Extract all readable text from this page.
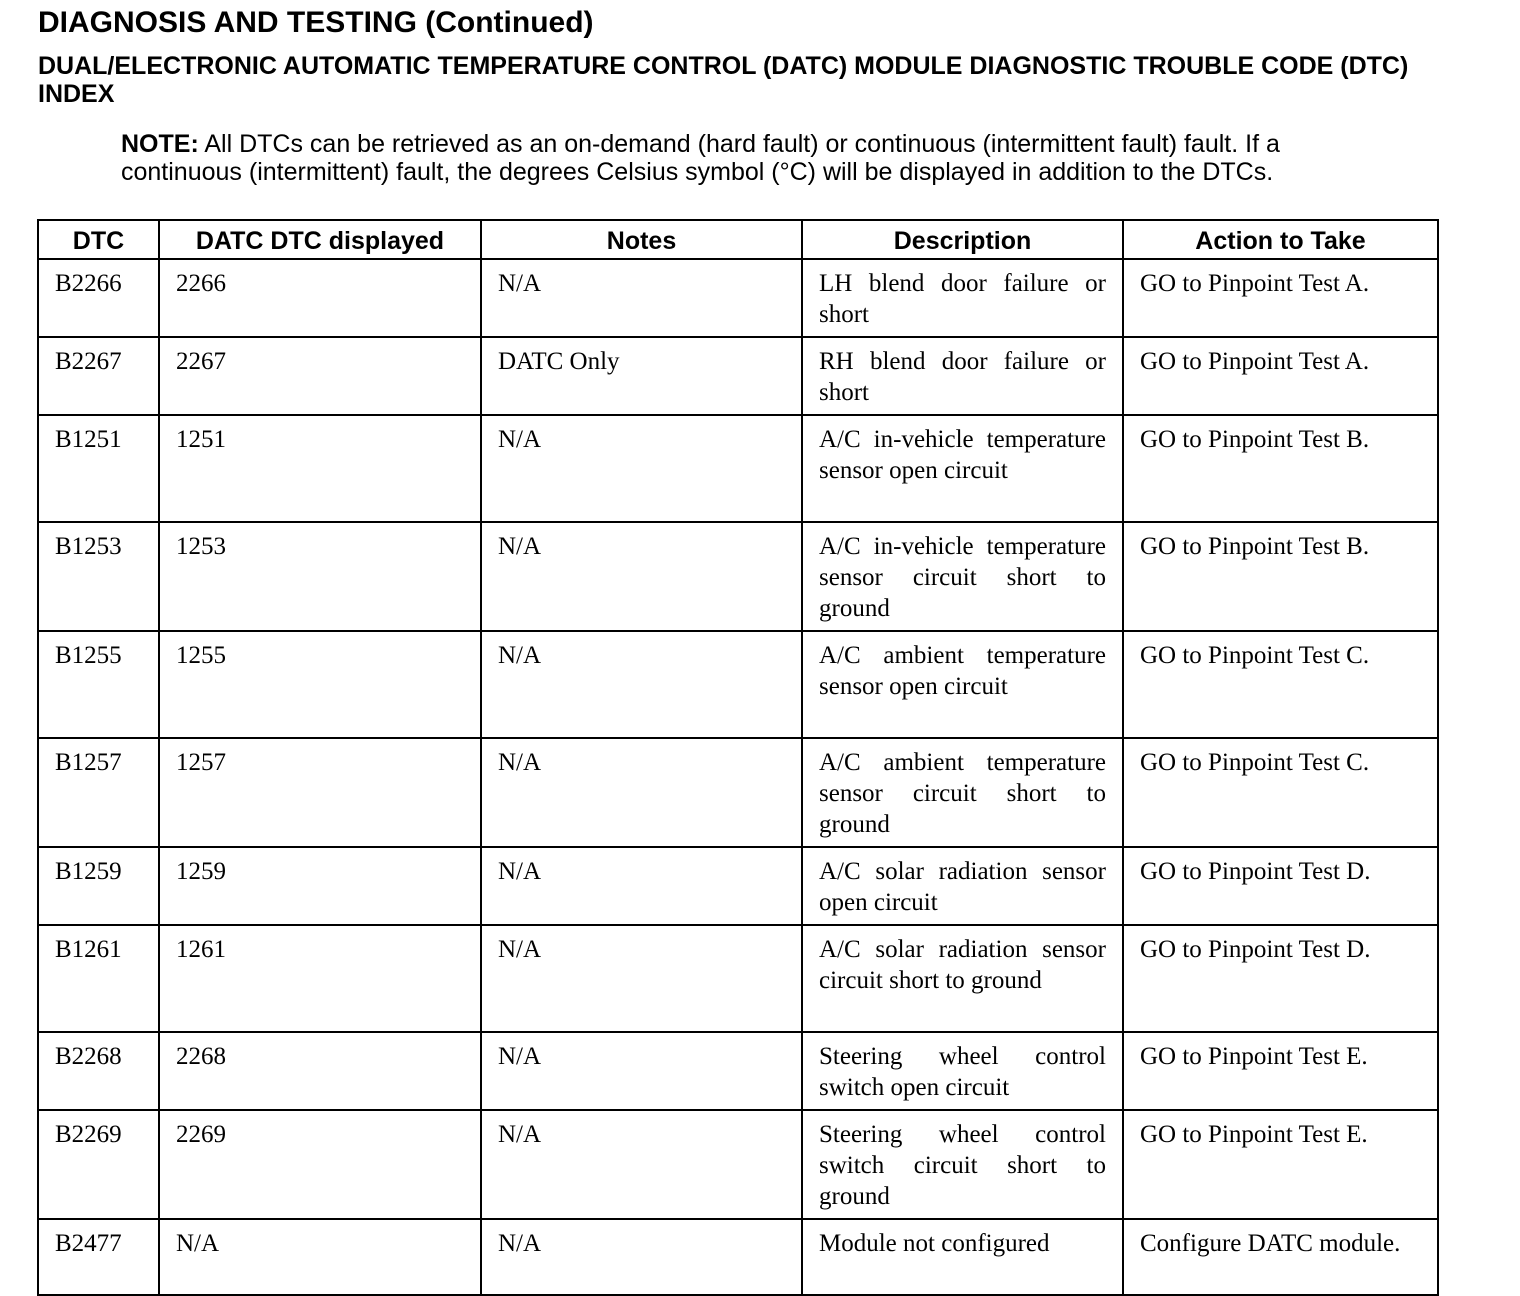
DIAGNOSIS AND TESTING (Continued)
DUAL/ELECTRONIC AUTOMATIC TEMPERATURE CONTROL (DATC) MODULE DIAGNOSTIC TROUBLE CODE (DTC) INDEX

NOTE: All DTCs can be retrieved as an on-demand (hard fault) or continuous (intermittent fault) fault. If a continuous (intermittent) fault, the degrees Celsius symbol (°C) will be displayed in addition to the DTCs.

DTC	DATC DTC displayed	Notes	Description	Action to Take
B2266	2266	N/A	LH blend door failure or short	GO to Pinpoint Test A.
B2267	2267	DATC Only	RH blend door failure or short	GO to Pinpoint Test A.
B1251	1251	N/A	A/C in-vehicle temperature sensor open circuit	GO to Pinpoint Test B.
B1253	1253	N/A	A/C in-vehicle temperature sensor circuit short to ground	GO to Pinpoint Test B.
B1255	1255	N/A	A/C ambient temperature sensor open circuit	GO to Pinpoint Test C.
B1257	1257	N/A	A/C ambient temperature sensor circuit short to ground	GO to Pinpoint Test C.
B1259	1259	N/A	A/C solar radiation sensor open circuit	GO to Pinpoint Test D.
B1261	1261	N/A	A/C solar radiation sensor circuit short to ground	GO to Pinpoint Test D.
B2268	2268	N/A	Steering wheel control switch open circuit	GO to Pinpoint Test E.
B2269	2269	N/A	Steering wheel control switch circuit short to ground	GO to Pinpoint Test E.
B2477	N/A	N/A	Module not configured	Configure DATC module.
